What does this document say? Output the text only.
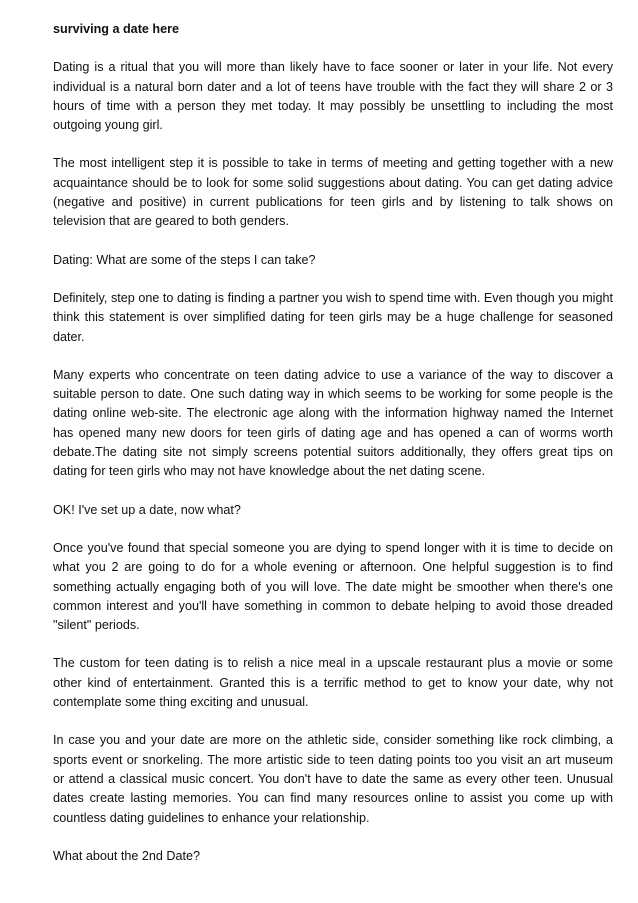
surviving a date here
Dating is a ritual that you will more than likely have to face sooner or later in your life. Not every individual is a natural born dater and a lot of teens have trouble with the fact they will share 2 or 3 hours of time with a person they met today. It may possibly be unsettling to including the most outgoing young girl.
The most intelligent step it is possible to take in terms of meeting and getting together with a new acquaintance should be to look for some solid suggestions about dating. You can get dating advice (negative and positive) in current publications for teen girls and by listening to talk shows on television that are geared to both genders.
Dating: What are some of the steps I can take?
Definitely, step one to dating is finding a partner you wish to spend time with. Even though you might think this statement is over simplified dating for teen girls may be a huge challenge for seasoned dater.
Many experts who concentrate on teen dating advice to use a variance of the way to discover a suitable person to date. One such dating way in which seems to be working for some people is the dating online web-site. The electronic age along with the information highway named the Internet has opened many new doors for teen girls of dating age and has opened a can of worms worth debate.The dating site not simply screens potential suitors additionally, they offers great tips on dating for teen girls who may not have knowledge about the net dating scene.
OK! I've set up a date, now what?
Once you've found that special someone you are dying to spend longer with it is time to decide on what you 2 are going to do for a whole evening or afternoon. One helpful suggestion is to find something actually engaging both of you will love. The date might be smoother when there's one common interest and you'll have something in common to debate helping to avoid those dreaded "silent" periods.
The custom for teen dating is to relish a nice meal in a upscale restaurant plus a movie or some other kind of entertainment. Granted this is a terrific method to get to know your date, why not contemplate some thing exciting and unusual.
In case you and your date are more on the athletic side, consider something like rock climbing, a sports event or snorkeling. The more artistic side to teen dating points too you visit an art museum or attend a classical music concert. You don't have to date the same as every other teen. Unusual dates create lasting memories. You can find many resources online to assist you come up with countless dating guidelines to enhance your relationship.
What about the 2nd Date?
